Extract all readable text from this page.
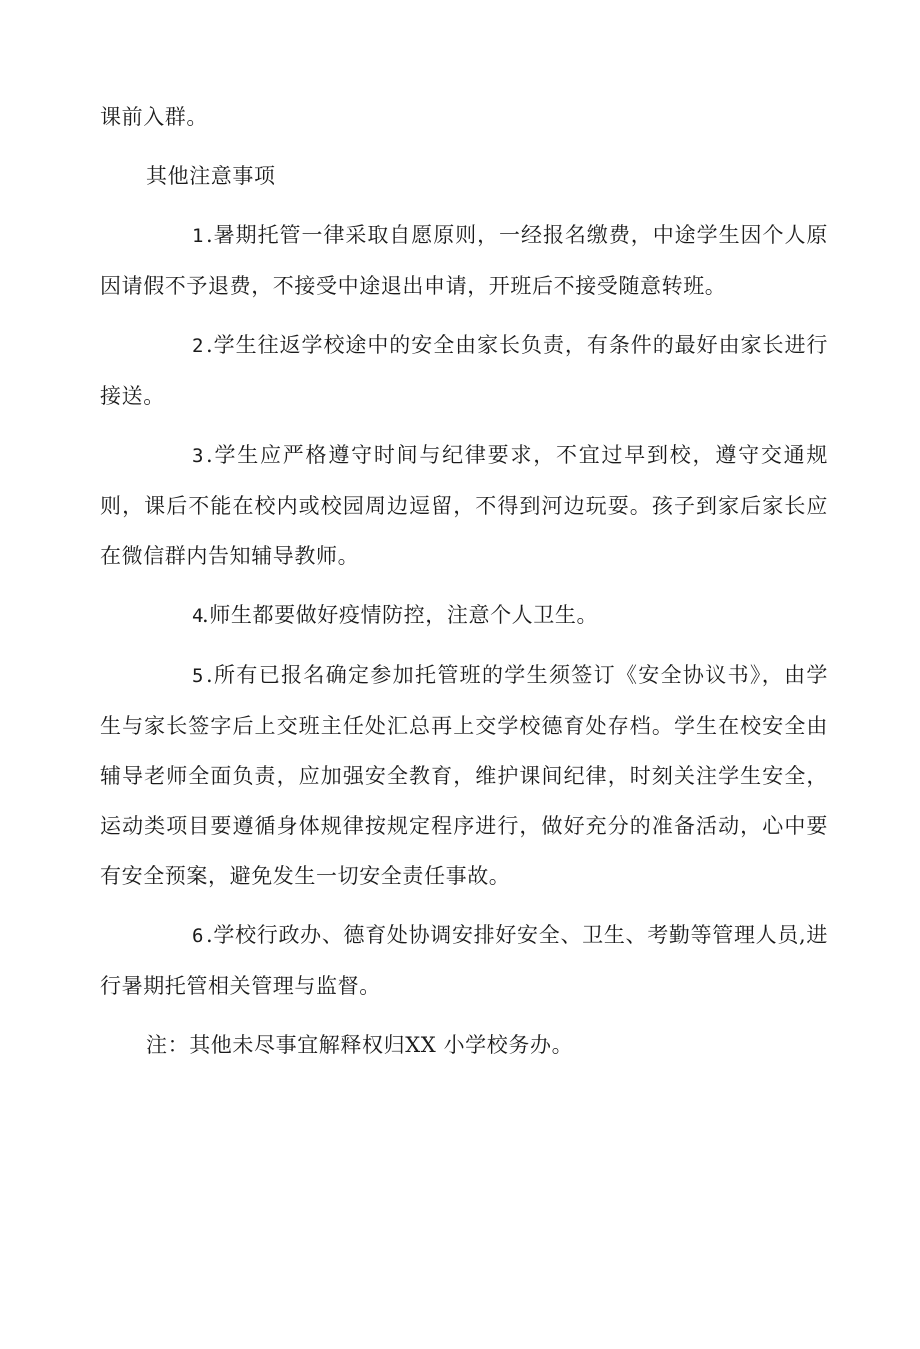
课前入群。

其他注意事项

1.暑期托管一律采取自愿原则，一经报名缴费，中途学生因个人原因请假不予退费，不接受中途退出申请，开班后不接受随意转班。

2.学生往返学校途中的安全由家长负责，有条件的最好由家长进行接送。

3.学生应严格遵守时间与纪律要求，不宜过早到校，遵守交通规则，课后不能在校内或校园周边逗留，不得到河边玩耍。孩子到家后家长应在微信群内告知辅导教师。

4.师生都要做好疫情防控，注意个人卫生。

5.所有已报名确定参加托管班的学生须签订《安全协议书》，由学生与家长签字后上交班主任处汇总再上交学校德育处存档。学生在校安全由辅导老师全面负责，应加强安全教育，维护课间纪律，时刻关注学生安全，运动类项目要遵循身体规律按规定程序进行，做好充分的准备活动，心中要有安全预案，避免发生一切安全责任事故。

6.学校行政办、德育处协调安排好安全、卫生、考勤等管理人员,进行暑期托管相关管理与监督。

注：其他未尽事宜解释权归XX 小学校务办。
